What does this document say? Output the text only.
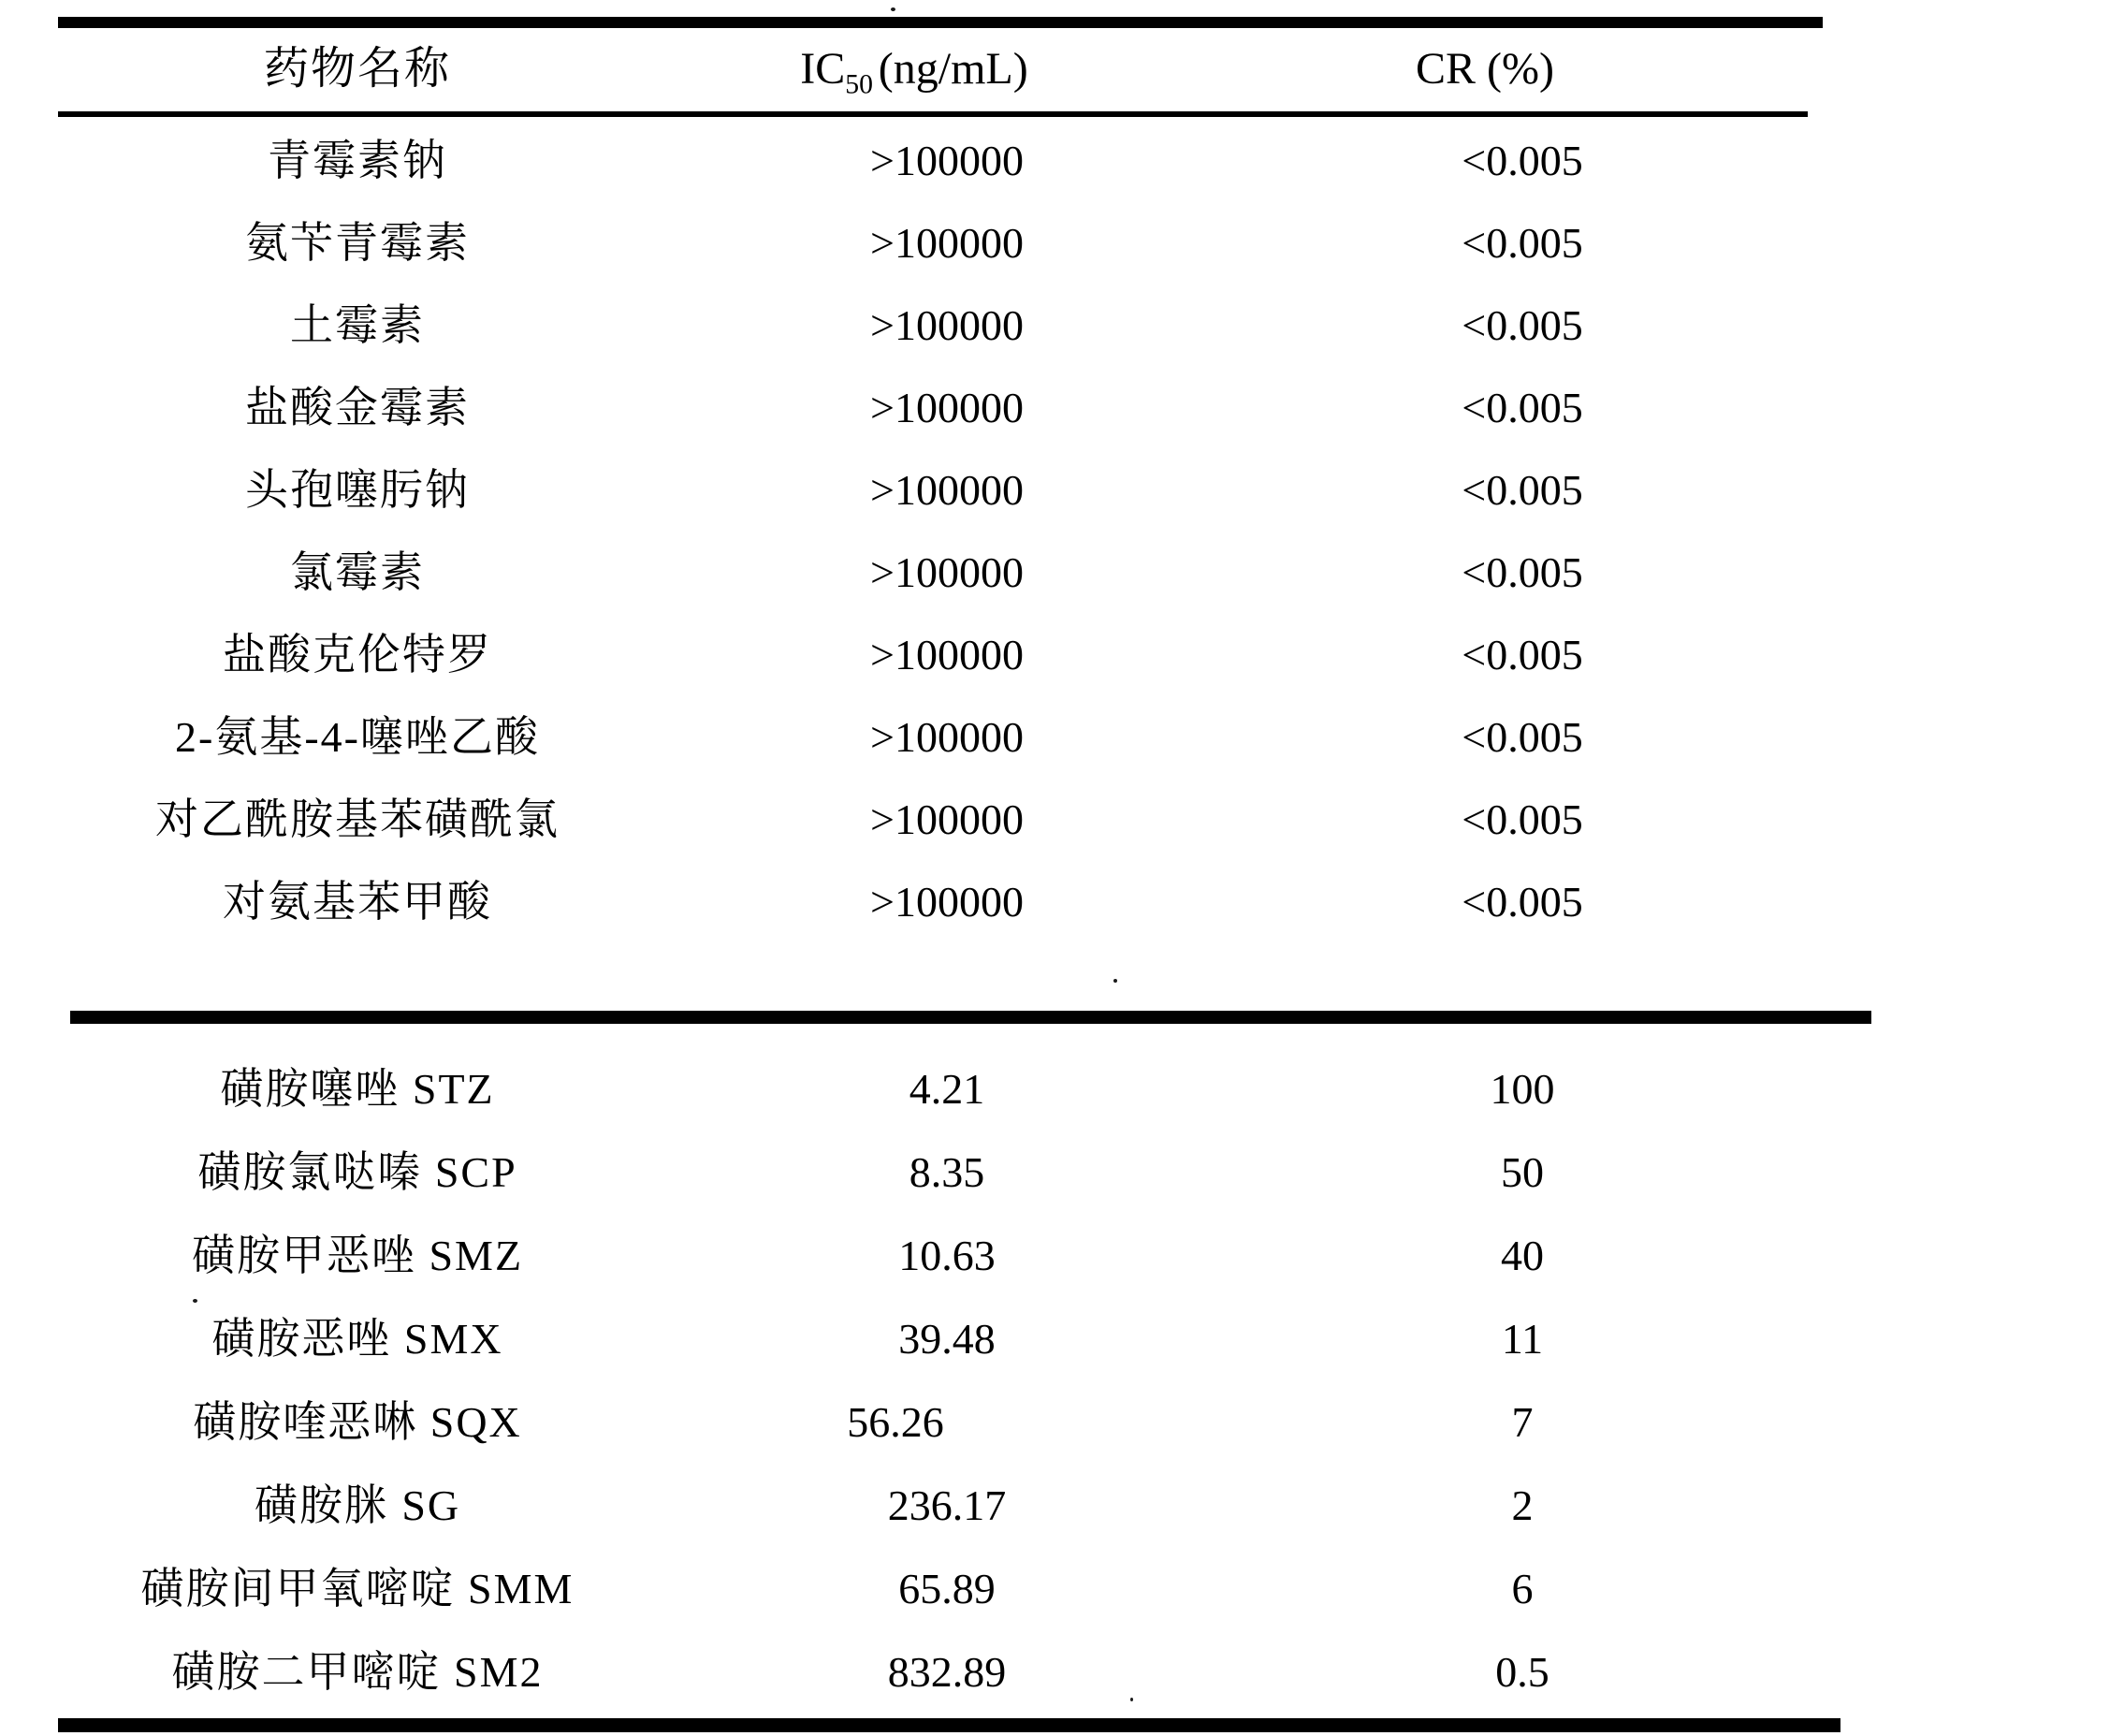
药物名称	$IC_{50}$ (ng/mL)	CR (%)
青霉素钠	>100000	<0.005
氨苄青霉素	>100000	<0.005
土霉素	>100000	<0.005
盐酸金霉素	>100000	<0.005
头孢噻肟钠	>100000	<0.005
氯霉素	>100000	<0.005
盐酸克伦特罗	>100000	<0.005
2-氨基-4-噻唑乙酸	>100000	<0.005
对乙酰胺基苯磺酰氯	>100000	<0.005
对氨基苯甲酸	>100000	<0.005
磺胺噻唑 STZ	4.21	100
磺胺氯哒嗪 SCP	8.35	50
磺胺甲恶唑 SMZ	10.63	40
磺胺恶唑 SMX	39.48	11
磺胺喹恶啉 SQX	56.26	7
磺胺脒 SG	236.17	2
磺胺间甲氧嘧啶 SMM	65.89	6
磺胺二甲嘧啶 SM2	832.89	0.5
